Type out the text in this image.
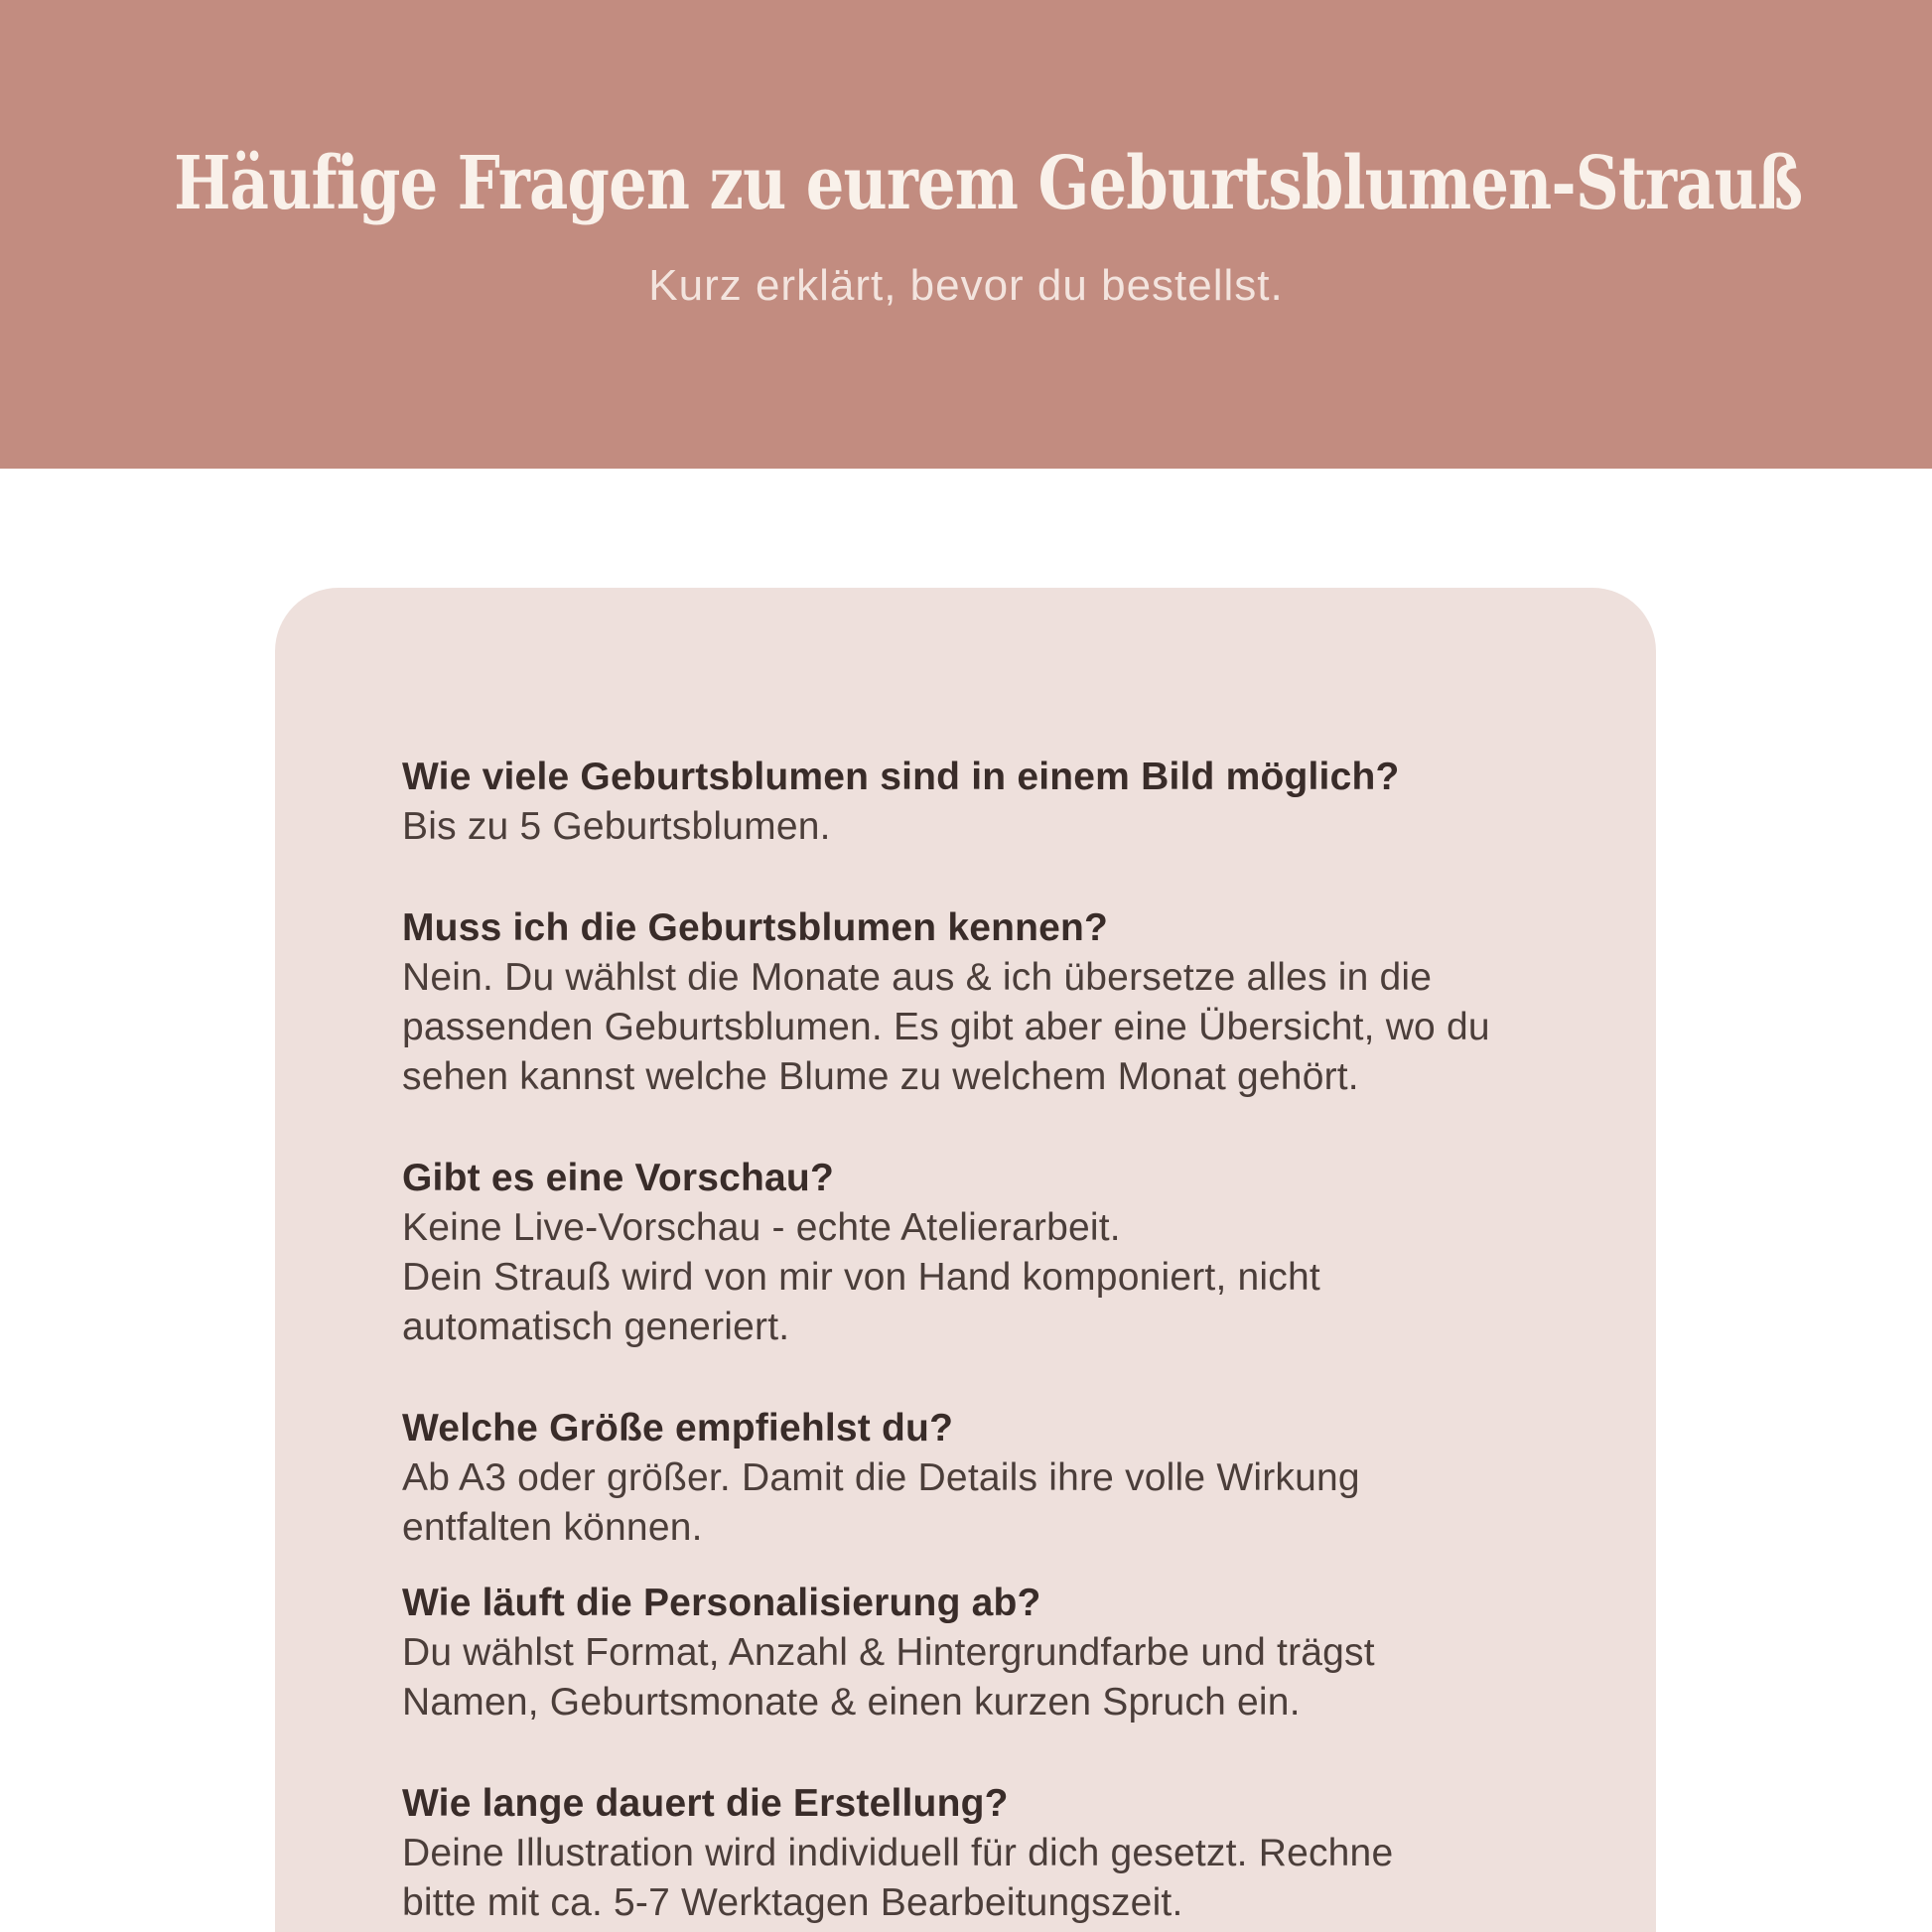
Häufige Fragen zu eurem Geburtsblumen-Strauß

Kurz erklärt, bevor du bestellst.

Wie viele Geburtsblumen sind in einem Bild möglich?

Bis zu 5 Geburtsblumen.

Muss ich die Geburtsblumen kennen?

Nein. Du wählst die Monate aus & ich übersetze alles in die

passenden Geburtsblumen. Es gibt aber eine Übersicht, wo du

sehen kannst welche Blume zu welchem Monat gehört.

Gibt es eine Vorschau?

Keine Live-Vorschau - echte Atelierarbeit.

Dein Strauß wird von mir von Hand komponiert, nicht

automatisch generiert.

Welche Größe empfiehlst du?

Ab A3 oder größer. Damit die Details ihre volle Wirkung

entfalten können.

Wie läuft die Personalisierung ab?

Du wählst Format, Anzahl & Hintergrundfarbe und trägst

Namen, Geburtsmonate & einen kurzen Spruch ein.

Wie lange dauert die Erstellung?

Deine Illustration wird individuell für dich gesetzt. Rechne

bitte mit ca. 5-7 Werktagen Bearbeitungszeit.
